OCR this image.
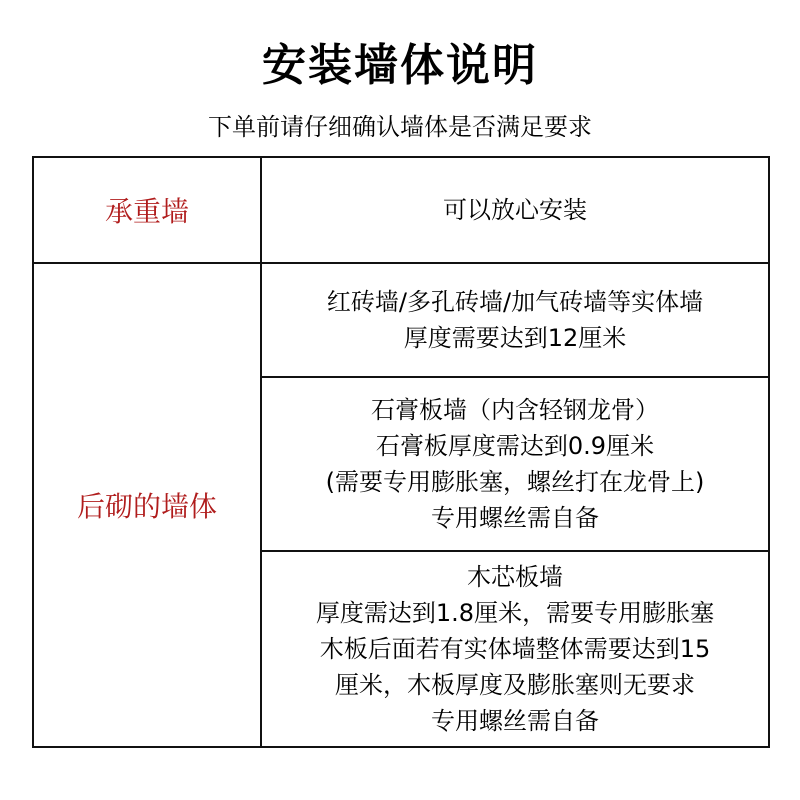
安装墙体说明
下单前请仔细确认墙体是否满足要求
承重墙	可以放心安装
后砌的墙体
红砖墙/多孔砖墙/加气砖墙等实体墙
厚度需要达到12厘米
石膏板墙（内含轻钢龙骨）
石膏板厚度需达到0.9厘米
(需要专用膨胀塞，螺丝打在龙骨上)
专用螺丝需自备
木芯板墙
厚度需达到1.8厘米，需要专用膨胀塞
木板后面若有实体墙整体需要达到15
厘米，木板厚度及膨胀塞则无要求
专用螺丝需自备
